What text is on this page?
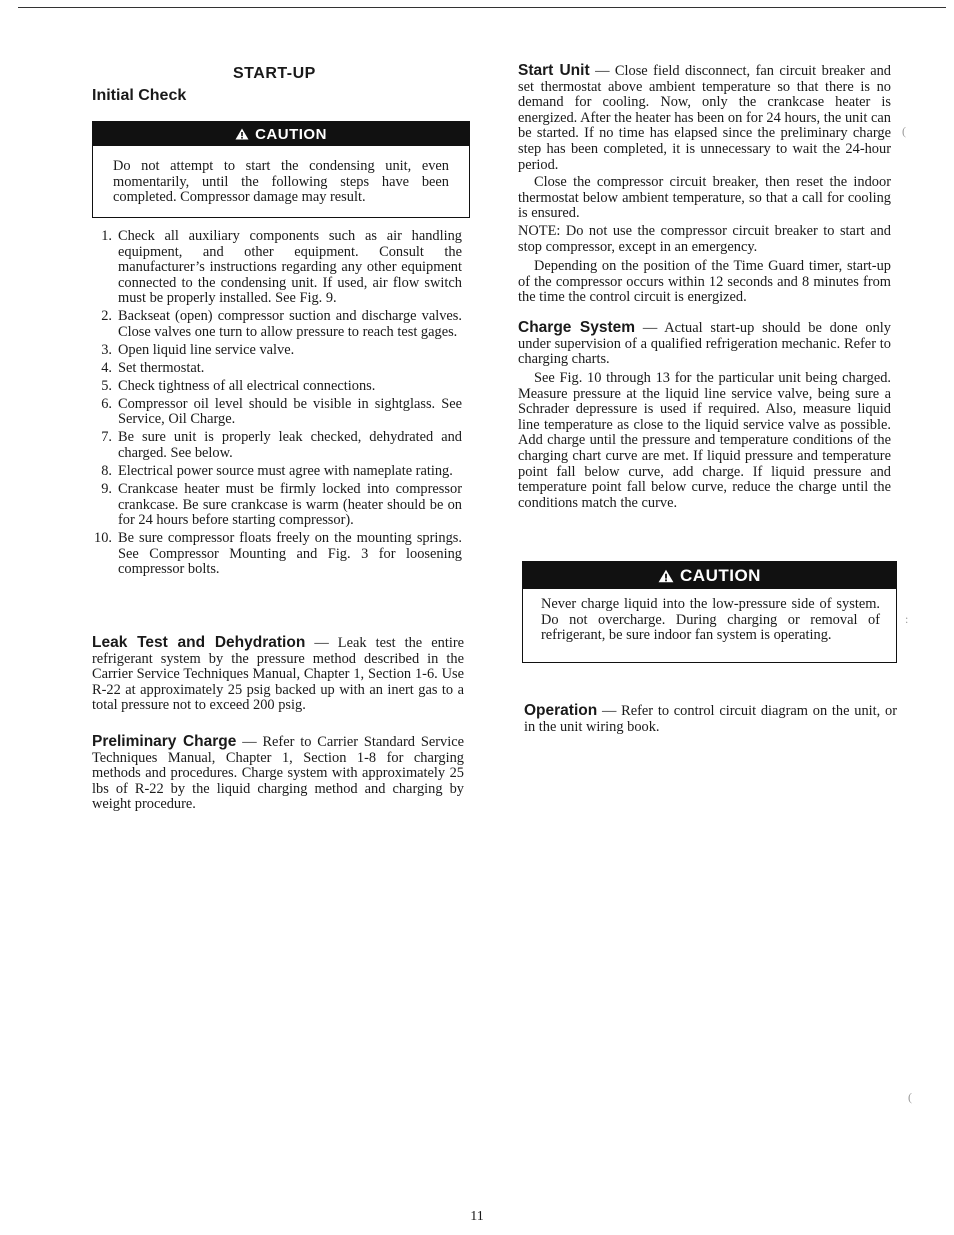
START-UP
Initial Check
CAUTION
Do not attempt to start the condensing unit, even momentarily, until the following steps have been completed. Compressor damage may result.
1. Check all auxiliary components such as air handling equipment, and other equipment. Consult the manufacturer’s instructions regarding any other equipment connected to the condensing unit. If used, air flow switch must be properly installed. See Fig. 9.
2. Backseat (open) compressor suction and discharge valves. Close valves one turn to allow pressure to reach test gages.
3. Open liquid line service valve.
4. Set thermostat.
5. Check tightness of all electrical connections.
6. Compressor oil level should be visible in sightglass. See Service, Oil Charge.
7. Be sure unit is properly leak checked, dehydrated and charged. See below.
8. Electrical power source must agree with nameplate rating.
9. Crankcase heater must be firmly locked into compressor crankcase. Be sure crankcase is warm (heater should be on for 24 hours before starting compressor).
10. Be sure compressor floats freely on the mounting springs. See Compressor Mounting and Fig. 3 for loosening compressor bolts.
Leak Test and Dehydration — Leak test the entire refrigerant system by the pressure method described in the Carrier Service Techniques Manual, Chapter 1, Section 1-6. Use R-22 at approximately 25 psig backed up with an inert gas to a total pressure not to exceed 200 psig.
Preliminary Charge — Refer to Carrier Standard Service Techniques Manual, Chapter 1, Section 1-8 for charging methods and procedures. Charge system with approximately 25 lbs of R-22 by the liquid charging method and charging by weight procedure.
Start Unit — Close field disconnect, fan circuit breaker and set thermostat above ambient temperature so that there is no demand for cooling. Now, only the crankcase heater is energized. After the heater has been on for 24 hours, the unit can be started. If no time has elapsed since the preliminary charge step has been completed, it is unnecessary to wait the 24-hour period.
Close the compressor circuit breaker, then reset the indoor thermostat below ambient temperature, so that a call for cooling is ensured.
NOTE: Do not use the compressor circuit breaker to start and stop compressor, except in an emergency.
Depending on the position of the Time Guard timer, start-up of the compressor occurs within 12 seconds and 8 minutes from the time the control circuit is energized.
Charge System — Actual start-up should be done only under supervision of a qualified refrigeration mechanic. Refer to charging charts.
See Fig. 10 through 13 for the particular unit being charged. Measure pressure at the liquid line service valve, being sure a Schrader depressure is used if required. Also, measure liquid line temperature as close to the liquid service valve as possible. Add charge until the pressure and temperature conditions of the charging chart curve are met. If liquid pressure and temperature point fall below curve, add charge. If liquid pressure and temperature point fall below curve, reduce the charge until the conditions match the curve.
CAUTION
Never charge liquid into the low-pressure side of system. Do not overcharge. During charging or removal of refrigerant, be sure indoor fan system is operating.
Operation — Refer to control circuit diagram on the unit, or in the unit wiring book.
11
(
:
(
